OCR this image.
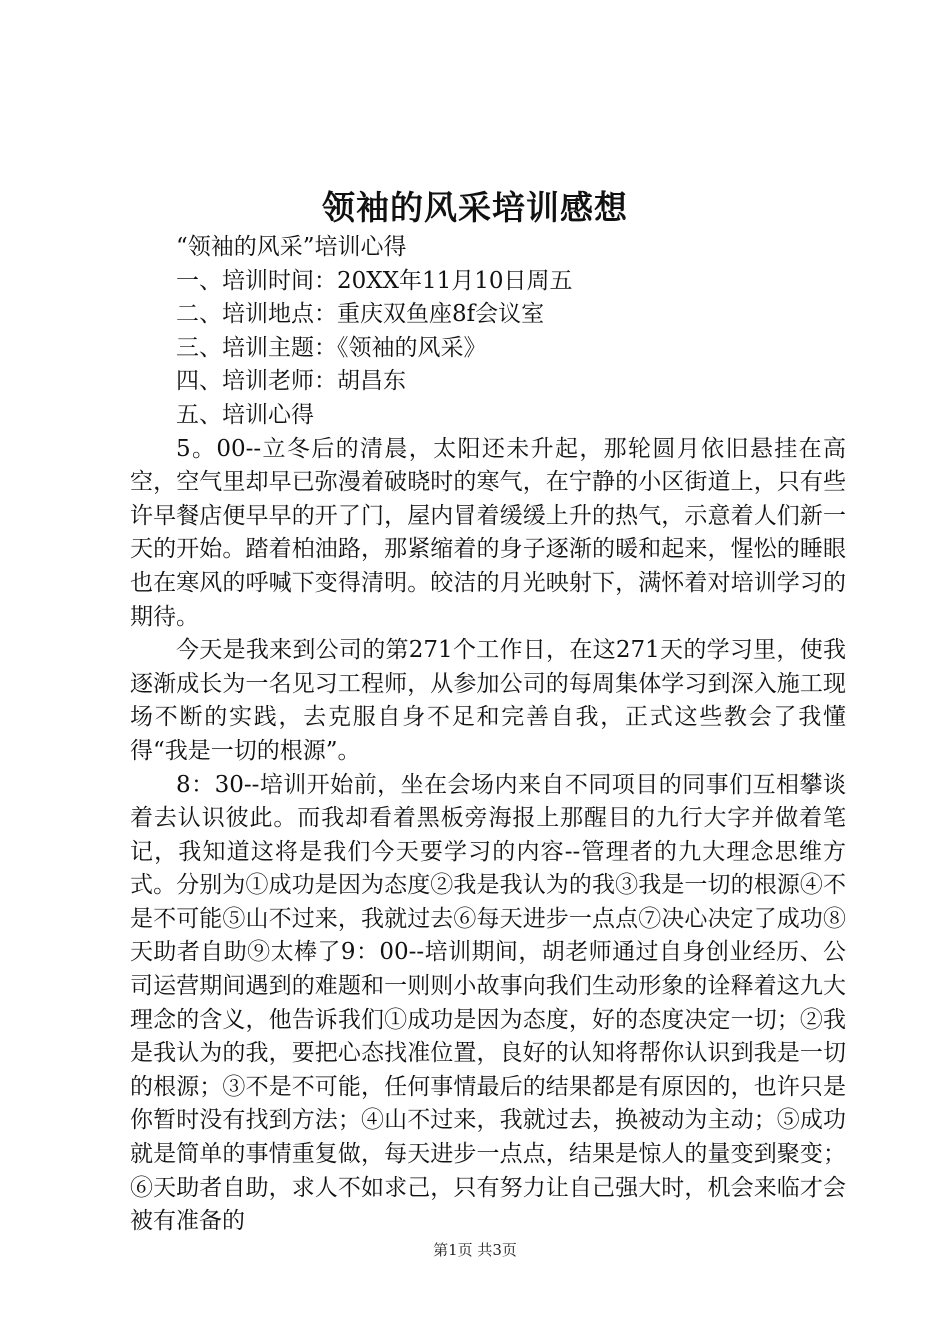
领袖的风采培训感想

“领袖的风采”培训心得

一、培训时间：20XX年11月10日周五

二、培训地点：重庆双鱼座8f会议室

三、培训主题：《领袖的风采》

四、培训老师：胡昌东

五、培训心得

5。00--立冬后的清晨，太阳还未升起，那轮圆月依旧悬挂在高空，空气里却早已弥漫着破晓时的寒气，在宁静的小区街道上，只有些许早餐店便早早的开了门，屋内冒着缓缓上升的热气，示意着人们新一天的开始。踏着柏油路，那紧缩着的身子逐渐的暖和起来，惺忪的睡眼也在寒风的呼喊下变得清明。皎洁的月光映射下，满怀着对培训学习的期待。

今天是我来到公司的第271个工作日，在这271天的学习里，使我逐渐成长为一名见习工程师，从参加公司的每周集体学习到深入施工现场不断的实践，去克服自身不足和完善自我，正式这些教会了我懂得“我是一切的根源”。

8：30--培训开始前，坐在会场内来自不同项目的同事们互相攀谈着去认识彼此。而我却看着黑板旁海报上那醒目的九行大字并做着笔记，我知道这将是我们今天要学习的内容--管理者的九大理念思维方式。分别为①成功是因为态度②我是我认为的我③我是一切的根源④不是不可能⑤山不过来，我就过去⑥每天进步一点点⑦决心决定了成功⑧天助者自助⑨太棒了9：00--培训期间，胡老师通过自身创业经历、公司运营期间遇到的难题和一则则小故事向我们生动形象的诠释着这九大理念的含义，他告诉我们①成功是因为态度，好的态度决定一切；②我是我认为的我，要把心态找准位置，良好的认知将帮你认识到我是一切的根源；③不是不可能，任何事情最后的结果都是有原因的，也许只是你暂时没有找到方法；④山不过来，我就过去，换被动为主动；⑤成功就是简单的事情重复做，每天进步一点点，结果是惊人的量变到聚变；⑥天助者自助，求人不如求己，只有努力让自己强大时，机会来临才会被有准备的

第1页 共3页
